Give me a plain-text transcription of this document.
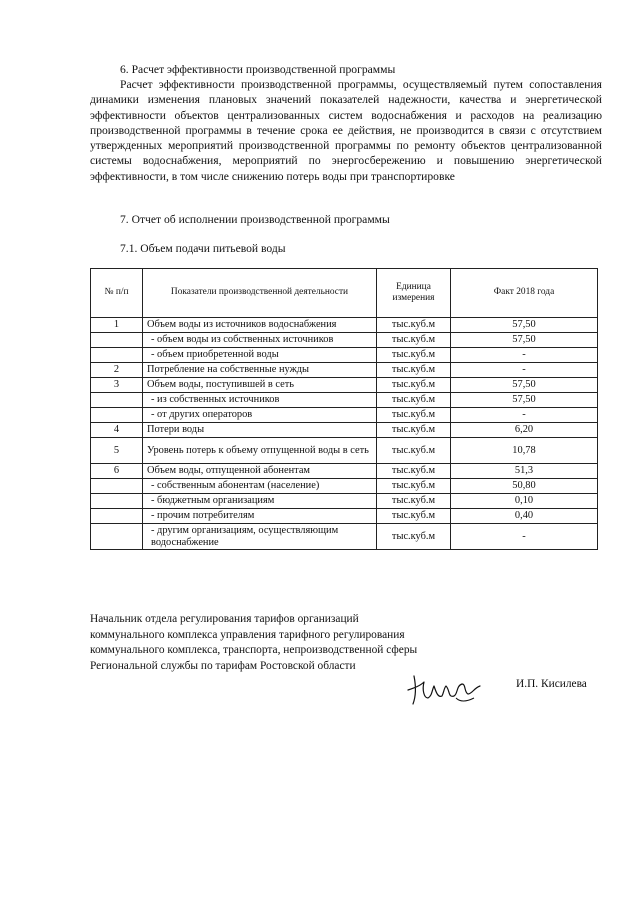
6. Расчет эффективности производственной программы
Расчет эффективности производственной программы, осуществляемый путем сопоставления динамики изменения плановых значений показателей надежности, качества и энергетической эффективности объектов централизованных систем водоснабжения и расходов на реализацию производственной программы в течение срока ее действия, не производится в связи с отсутствием утвержденных мероприятий производственной программы по ремонту объектов централизованной системы водоснабжения, мероприятий по энергосбережению и повышению энергетической эффективности, в том числе снижению потерь воды при транспортировке
7. Отчет об исполнении производственной программы
7.1. Объем подачи питьевой воды
№ п/п	Показатели производственной деятельности	Единица измерения	Факт 2018 года
1	Объем воды из источников водоснабжения	тыс.куб.м	57,50
	- объем воды из собственных источников	тыс.куб.м	57,50
	- объем приобретенной воды	тыс.куб.м	-
2	Потребление на собственные нужды	тыс.куб.м	-
3	Объем воды, поступившей в сеть	тыс.куб.м	57,50
	- из собственных источников	тыс.куб.м	57,50
	- от других операторов	тыс.куб.м	-
4	Потери воды	тыс.куб.м	6,20
5	Уровень потерь к объему отпущенной воды в сеть	тыс.куб.м	10,78
6	Объем воды, отпущенной абонентам	тыс.куб.м	51,3
	- собственным абонентам (население)	тыс.куб.м	50,80
	- бюджетным организациям	тыс.куб.м	0,10
	- прочим потребителям	тыс.куб.м	0,40
	- другим организациям, осуществляющим водоснабжение	тыс.куб.м	-
Начальник отдела регулирования тарифов организаций коммунального комплекса управления тарифного регулирования коммунального комплекса, транспорта, непроизводственной сферы Региональной службы по тарифам Ростовской области
И.П. Кисилева
